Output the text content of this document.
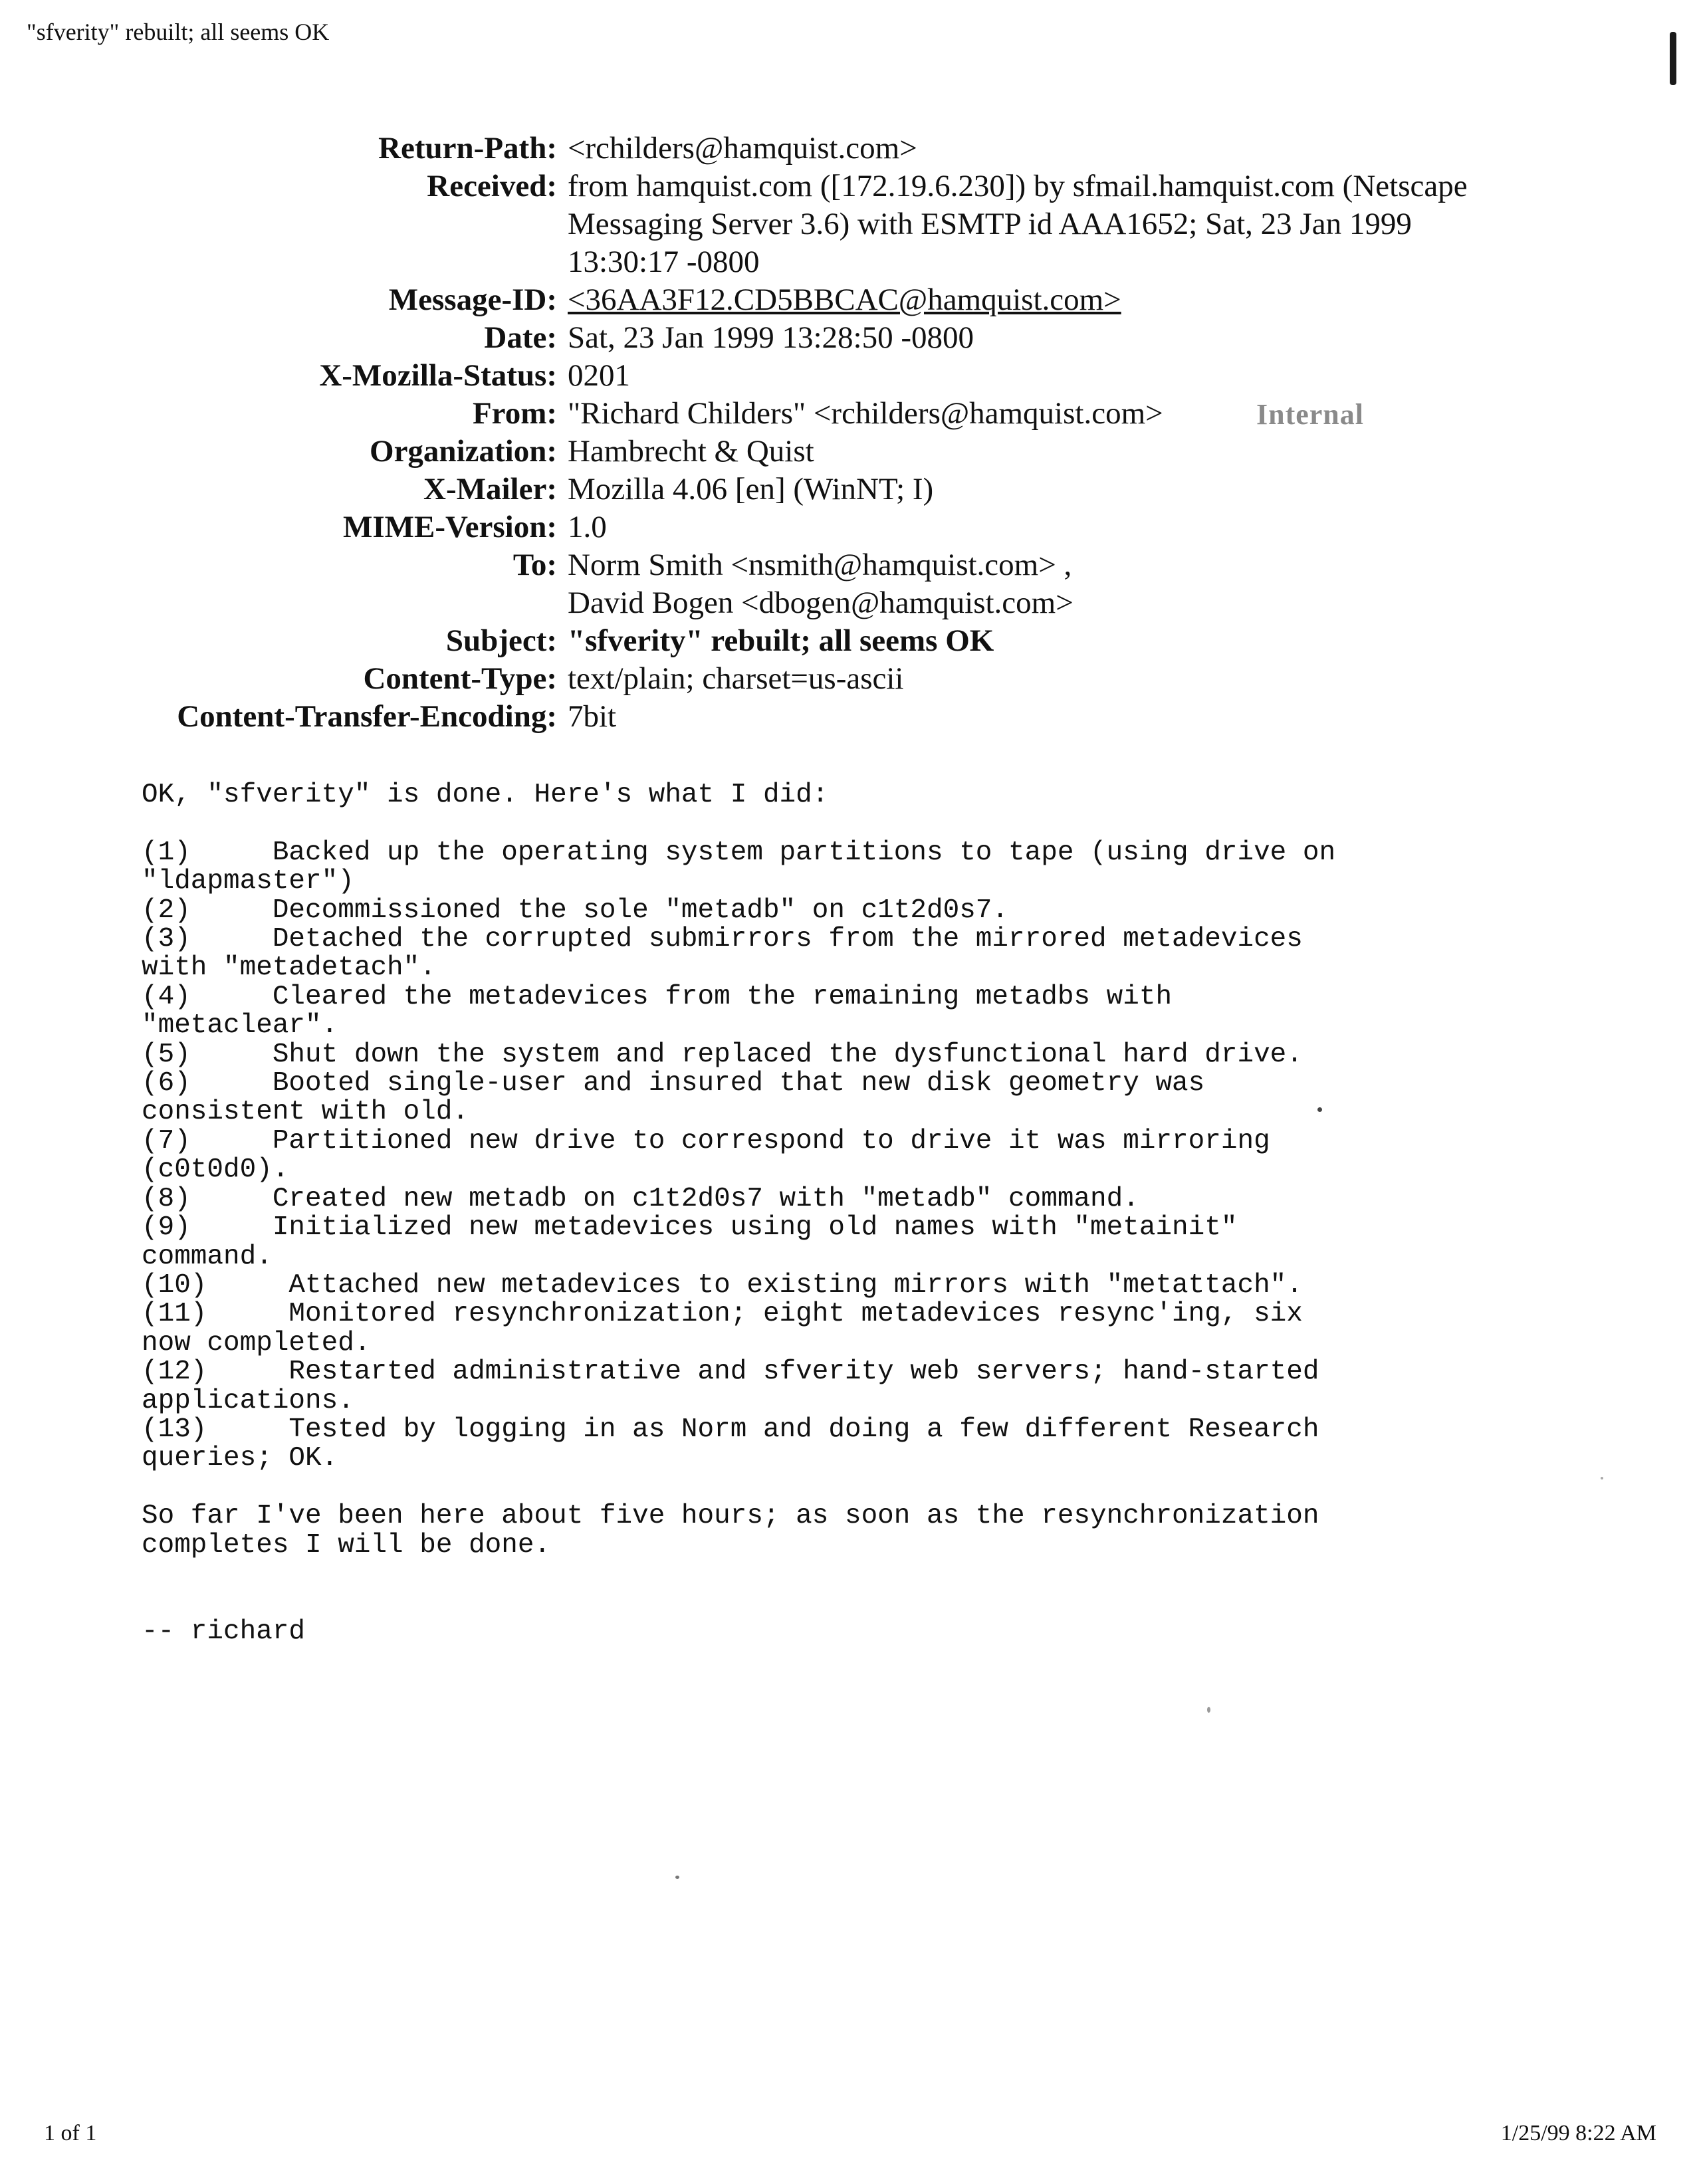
"sfverity" rebuilt; all seems OK
Return-Path: <rchilders@hamquist.com>
Received: from hamquist.com ([172.19.6.230]) by sfmail.hamquist.com (Netscape
Messaging Server 3.6) with ESMTP id AAA1652; Sat, 23 Jan 1999
13:30:17 -0800
Message-ID: <36AA3F12.CD5BBCAC@hamquist.com>
Date: Sat, 23 Jan 1999 13:28:50 -0800
X-Mozilla-Status: 0201
From: "Richard Childers" <rchilders@hamquist.com>
Organization: Hambrecht & Quist
X-Mailer: Mozilla 4.06 [en] (WinNT; I)
MIME-Version: 1.0
To: Norm Smith <nsmith@hamquist.com> ,
David Bogen <dbogen@hamquist.com>
Subject: "sfverity" rebuilt; all seems OK
Content-Type: text/plain; charset=us-ascii
Content-Transfer-Encoding: 7bit
Internal
OK, "sfverity" is done. Here's what I did:

(1)     Backed up the operating system partitions to tape (using drive on
"ldapmaster")
(2)     Decommissioned the sole "metadb" on c1t2d0s7.
(3)     Detached the corrupted submirrors from the mirrored metadevices
with "metadetach".
(4)     Cleared the metadevices from the remaining metadbs with
"metaclear".
(5)     Shut down the system and replaced the dysfunctional hard drive.
(6)     Booted single-user and insured that new disk geometry was
consistent with old.
(7)     Partitioned new drive to correspond to drive it was mirroring
(c0t0d0).
(8)     Created new metadb on c1t2d0s7 with "metadb" command.
(9)     Initialized new metadevices using old names with "metainit"
command.
(10)     Attached new metadevices to existing mirrors with "metattach".
(11)     Monitored resynchronization; eight metadevices resync'ing, six
now completed.
(12)     Restarted administrative and sfverity web servers; hand-started
applications.
(13)     Tested by logging in as Norm and doing a few different Research
queries; OK.

So far I've been here about five hours; as soon as the resynchronization
completes I will be done.

-- richard
1 of 1	1/25/99 8:22 AM
